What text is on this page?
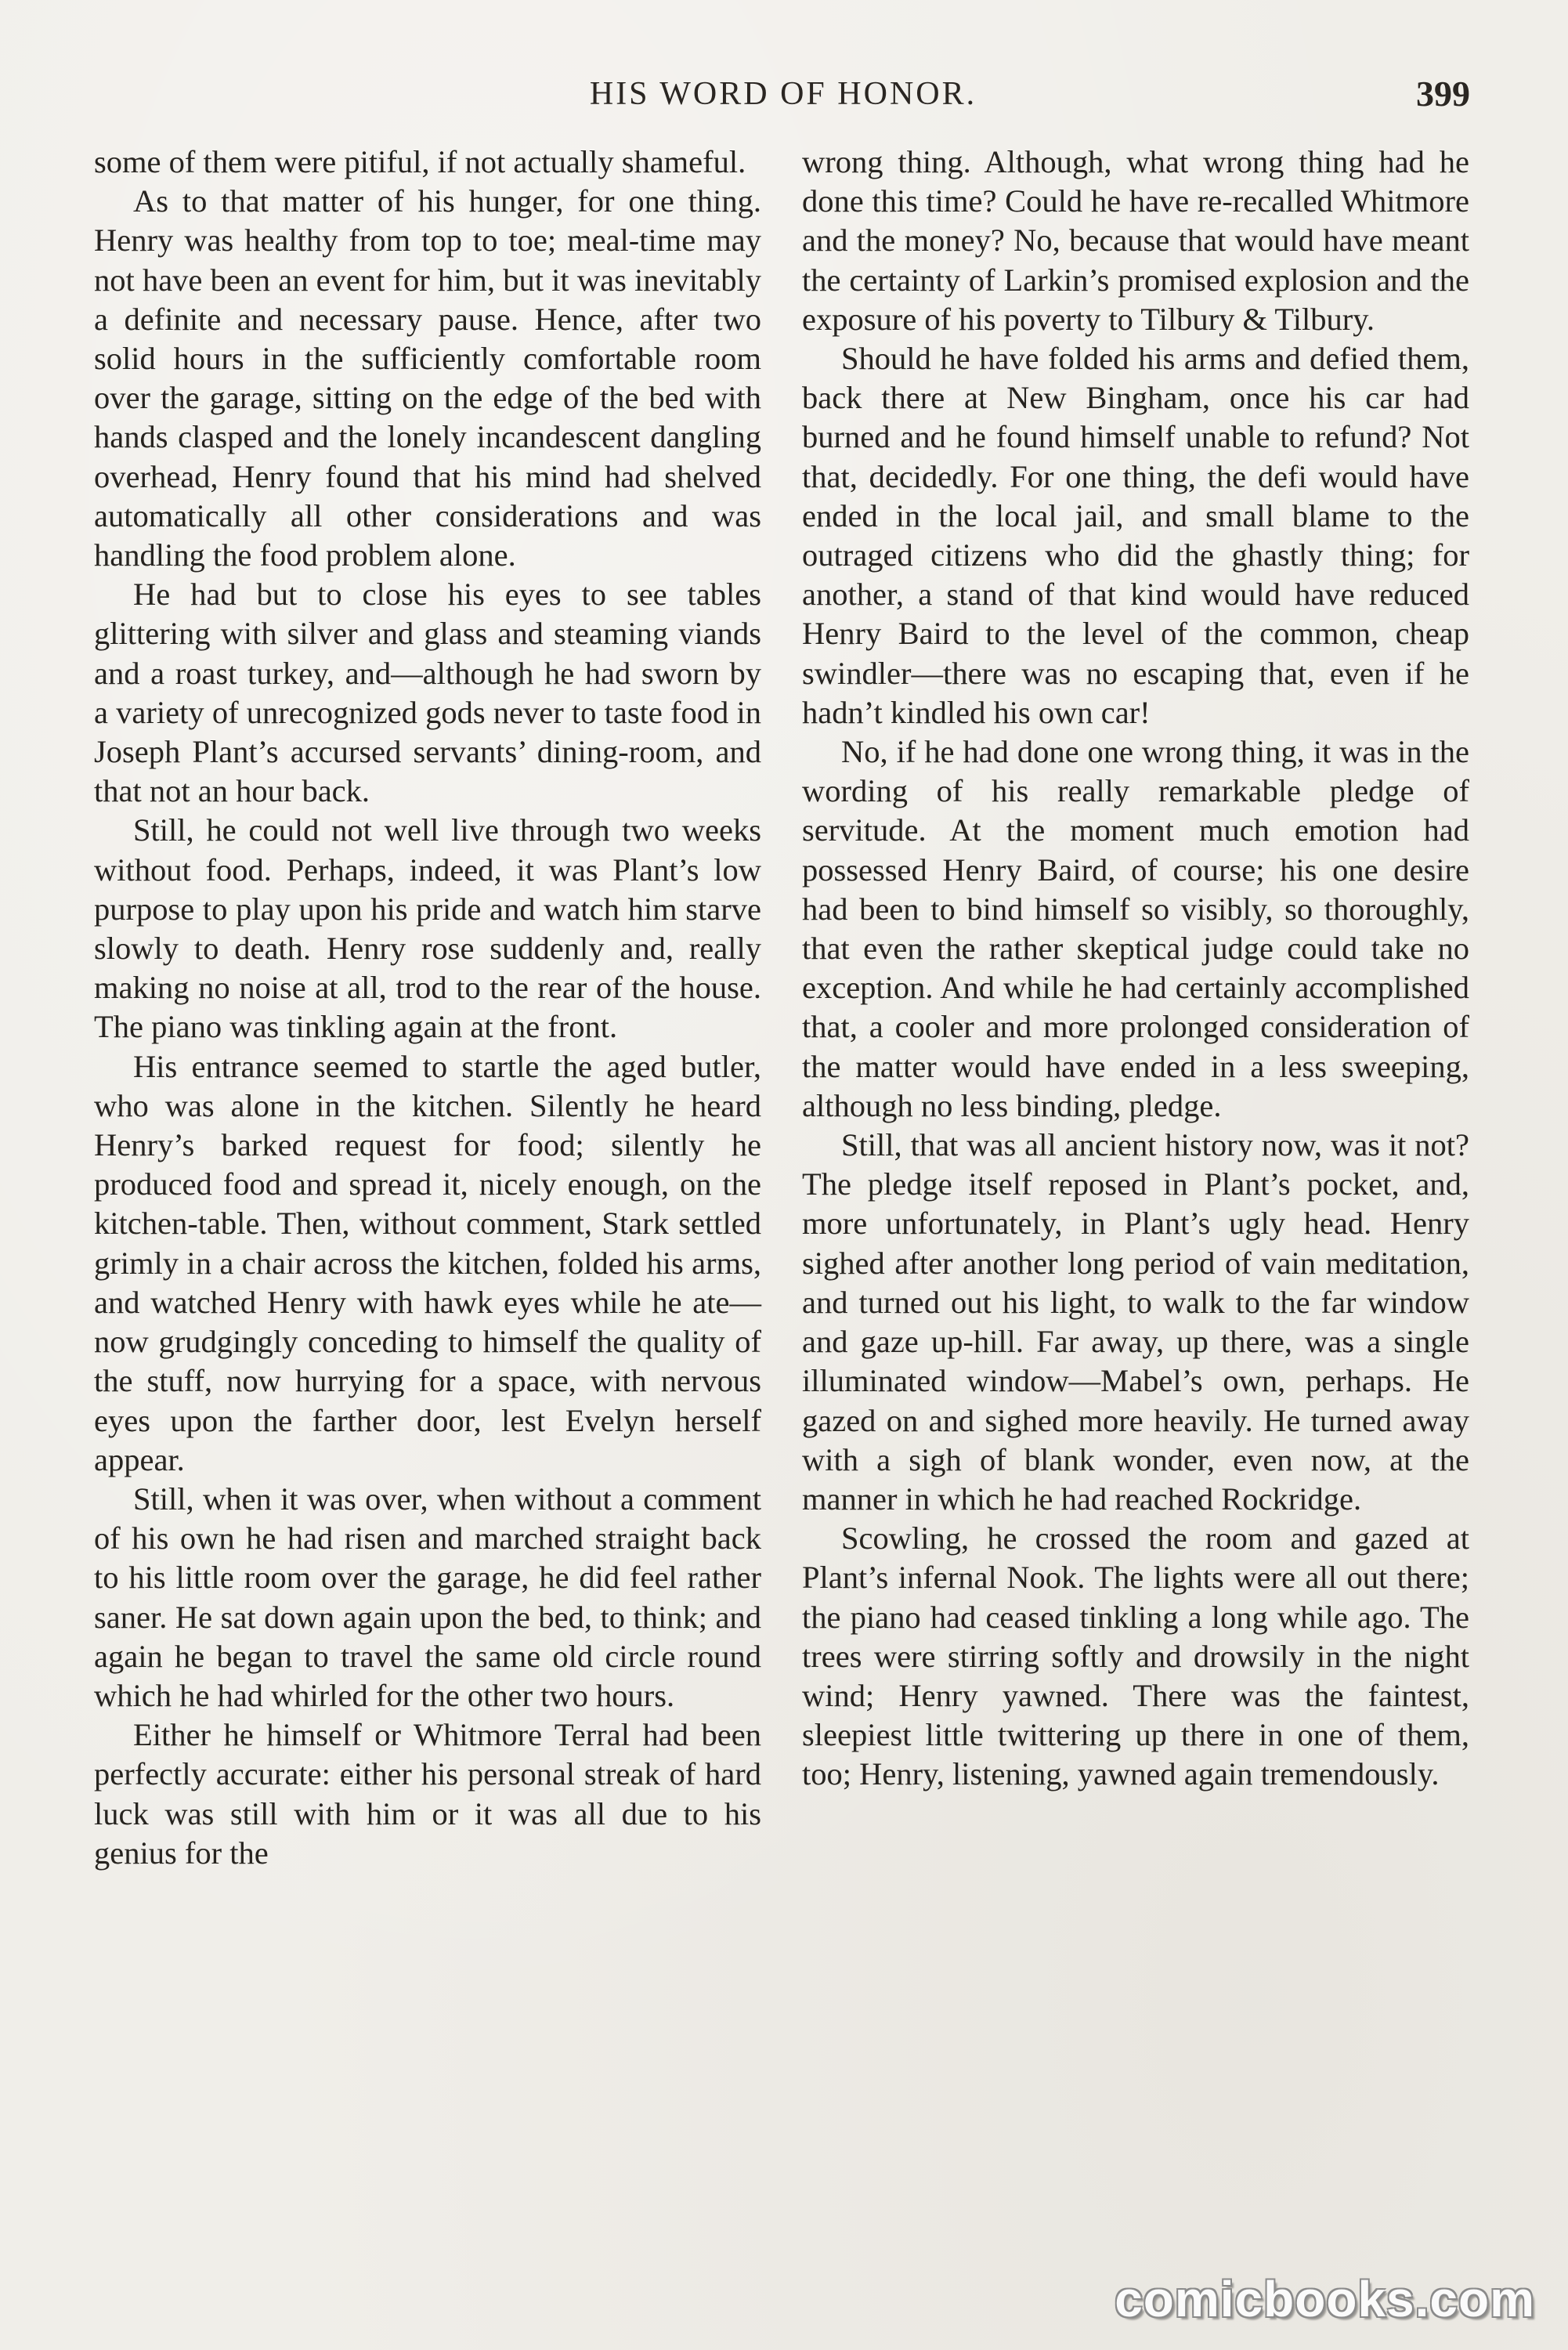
HIS WORD OF HONOR.	399

some of them were pitiful, if not actually shameful.

As to that matter of his hunger, for one thing. Henry was healthy from top to toe; meal-time may not have been an event for him, but it was inevitably a definite and necessary pause. Hence, after two solid hours in the sufficiently comfortable room over the garage, sitting on the edge of the bed with hands clasped and the lonely incandescent dangling overhead, Henry found that his mind had shelved automatically all other considerations and was handling the food problem alone.

He had but to close his eyes to see tables glittering with silver and glass and steaming viands and a roast turkey, and—although he had sworn by a variety of unrecognized gods never to taste food in Joseph Plant’s accursed servants’ dining-room, and that not an hour back.

Still, he could not well live through two weeks without food. Perhaps, indeed, it was Plant’s low purpose to play upon his pride and watch him starve slowly to death. Henry rose suddenly and, really making no noise at all, trod to the rear of the house. The piano was tinkling again at the front.

His entrance seemed to startle the aged butler, who was alone in the kitchen. Silently he heard Henry’s barked request for food; silently he produced food and spread it, nicely enough, on the kitchen-table. Then, without comment, Stark settled grimly in a chair across the kitchen, folded his arms, and watched Henry with hawk eyes while he ate—now grudgingly conceding to himself the quality of the stuff, now hurrying for a space, with nervous eyes upon the farther door, lest Evelyn herself appear.

Still, when it was over, when without a comment of his own he had risen and marched straight back to his little room over the garage, he did feel rather saner. He sat down again upon the bed, to think; and again he began to travel the same old circle round which he had whirled for the other two hours.

Either he himself or Whitmore Terral had been perfectly accurate: either his personal streak of hard luck was still with him or it was all due to his genius for the

wrong thing. Although, what wrong thing had he done this time? Could he have re-recalled Whitmore and the money? No, because that would have meant the certainty of Larkin’s promised explosion and the exposure of his poverty to Tilbury & Tilbury.

Should he have folded his arms and defied them, back there at New Bingham, once his car had burned and he found himself unable to refund? Not that, decidedly. For one thing, the defi would have ended in the local jail, and small blame to the outraged citizens who did the ghastly thing; for another, a stand of that kind would have reduced Henry Baird to the level of the common, cheap swindler—there was no escaping that, even if he hadn’t kindled his own car!

No, if he had done one wrong thing, it was in the wording of his really remarkable pledge of servitude. At the moment much emotion had possessed Henry Baird, of course; his one desire had been to bind himself so visibly, so thoroughly, that even the rather skeptical judge could take no exception. And while he had certainly accomplished that, a cooler and more prolonged consideration of the matter would have ended in a less sweeping, although no less binding, pledge.

Still, that was all ancient history now, was it not? The pledge itself reposed in Plant’s pocket, and, more unfortunately, in Plant’s ugly head. Henry sighed after another long period of vain meditation, and turned out his light, to walk to the far window and gaze up-hill. Far away, up there, was a single illuminated window—Mabel’s own, perhaps. He gazed on and sighed more heavily. He turned away with a sigh of blank wonder, even now, at the manner in which he had reached Rockridge.

Scowling, he crossed the room and gazed at Plant’s infernal Nook. The lights were all out there; the piano had ceased tinkling a long while ago. The trees were stirring softly and drowsily in the night wind; Henry yawned. There was the faintest, sleepiest little twittering up there in one of them, too; Henry, listening, yawned again tremendously.

comicbooks.com
